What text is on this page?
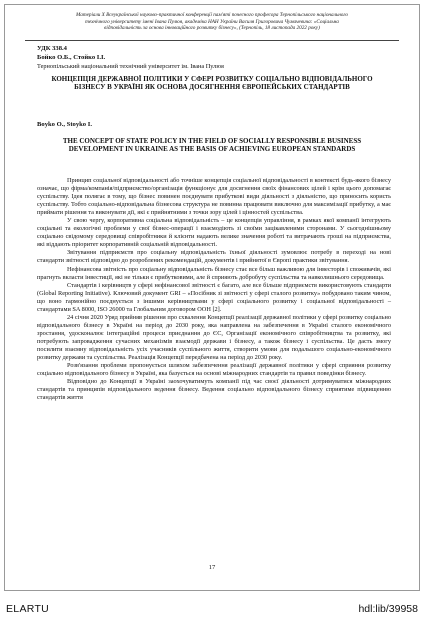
Матеріали Х Всеукраїнської науково-практичної конференції пам'яті почесного професора Тернопільського національного
технічного університету імені Івана Пулюя, академіка НАН України Василя Григоровича Чумачевича: «Соціальна
відповідальність за основа інноваційного розвитку бізнесу», (Тернопіль, 18 листопада 2022 року)
УДК 338.4
Бойко О.Б., Стойко І.І.
Тернопільський національний технічний університет ім. Івана Пулюя
КОНЦЕПЦІЯ ДЕРЖАВНОЇ ПОЛІТИКИ У СФЕРІ РОЗВИТКУ СОЦІАЛЬНО ВІДПОВІДАЛЬНОГО БІЗНЕСУ В УКРАЇНІ ЯК ОСНОВА ДОСЯГНЕННЯ ЄВРОПЕЙСЬКИХ СТАНДАРТІВ
Boyko O., Stoyko I.
THE CONCEPT OF STATE POLICY IN THE FIELD OF SOCIALLY RESPONSIBLE BUSINESS DEVELOPMENT IN UKRAINE AS THE BASIS OF ACHIEVING EUROPEAN STANDARDS

Принцип соціальної відповідальності або точніше концепція соціальної відповідальності в контексті будь-якого бізнесу означає, що фірма/компанія/підприємство/організація функціонує для досягнення своїх фінансових цілей і крім цього допомагає суспільству. Ідея полягає в тому, що бізнес повинен поєднувати прибуткові види діяльності з діяльністю, що приносить користь суспільству. Тобто соціально-відповідальна бізнесова структура не повинна працювати виключно для максимізації прибутку, а має приймати рішення та виконувати дії, які є прийнятними з точки зору цілей і цінностей суспільства.

У свою чергу, корпоративна соціальна відповідальність – це концепція управління, в рамках якої компанії інтегрують соціальні та екологічні проблеми у свої бізнес-операції і взаємодіють зі своїми зацікавленими сторонами. У сьогоднішньому соціально свідомому середовищі співробітники й клієнти надають велике значення роботі та витрачають гроші на підприємства, які віддають пріоритет корпоративній соціальній відповідальності.

Звітування підприємств про соціальну відповідальність їхньої діяльності зумовлює потребу в переході на нові стандарти звітності відповідно до розроблених рекомендацій, документів і прийнятої в Європі практики звітування.

Нефінансова звітність про соціальну відповідальність бізнесу стає все більш важливою для інвесторів і споживачів, які прагнуть вкласти інвестиції, які не тільки є прибутковими, але й сприяють добробуту суспільства та навколишнього середовища.

Стандартів і керівництв у сфері нефінансової звітності є багато, але все більше підприємств використовують стандарти (Global Reporting Initiative). Ключовий документ GRI – «Посібник зі звітності у сфері сталого розвитку» побудовано таким чином, що воно гармонійно поєднується з іншими керівництвами у сфері соціального розвитку і соціальної відповідальності – стандартами SA 8000, ISO 26000 та Глобальним договором ООН [2].

24 січня 2020 Уряд прийняв рішення про схвалення Концепції реалізації державної політики у сфері розвитку соціально відповідального бізнесу в Україні на період до 2030 року, яка направлена на забезпечення в Україні сталого економічного зростання, удосконалює інтеграційні процеси приєднання до ЄС, Організації економічного співробітництва та розвитку, які потребують запровадження сучасних механізмів взаємодії держави і бізнесу, а також бізнесу і суспільства. Це дасть змогу посилити взаємну відповідальність усіх учасників суспільного життя, створити умови для подальшого соціально-економічного розвитку держави та суспільства. Реалізація Концепції передбачена на період до 2030 року.

Розв'язання проблеми пропонується шляхом забезпечення реалізації державної політики у сфері сприяння розвитку соціально відповідального бізнесу в Україні, яка базується на основі міжнародних стандартів та правил поведінки бізнесу.

Відповідно до Концепції в Україні заохочуватимуть компанії під час своєї діяльності дотримуватися міжнародних стандартів та принципів відповідального ведення бізнесу. Ведення соціально відповідального бізнесу сприятиме підвищенню стандартів життя

17
ELARTU	hdl:lib/39958
